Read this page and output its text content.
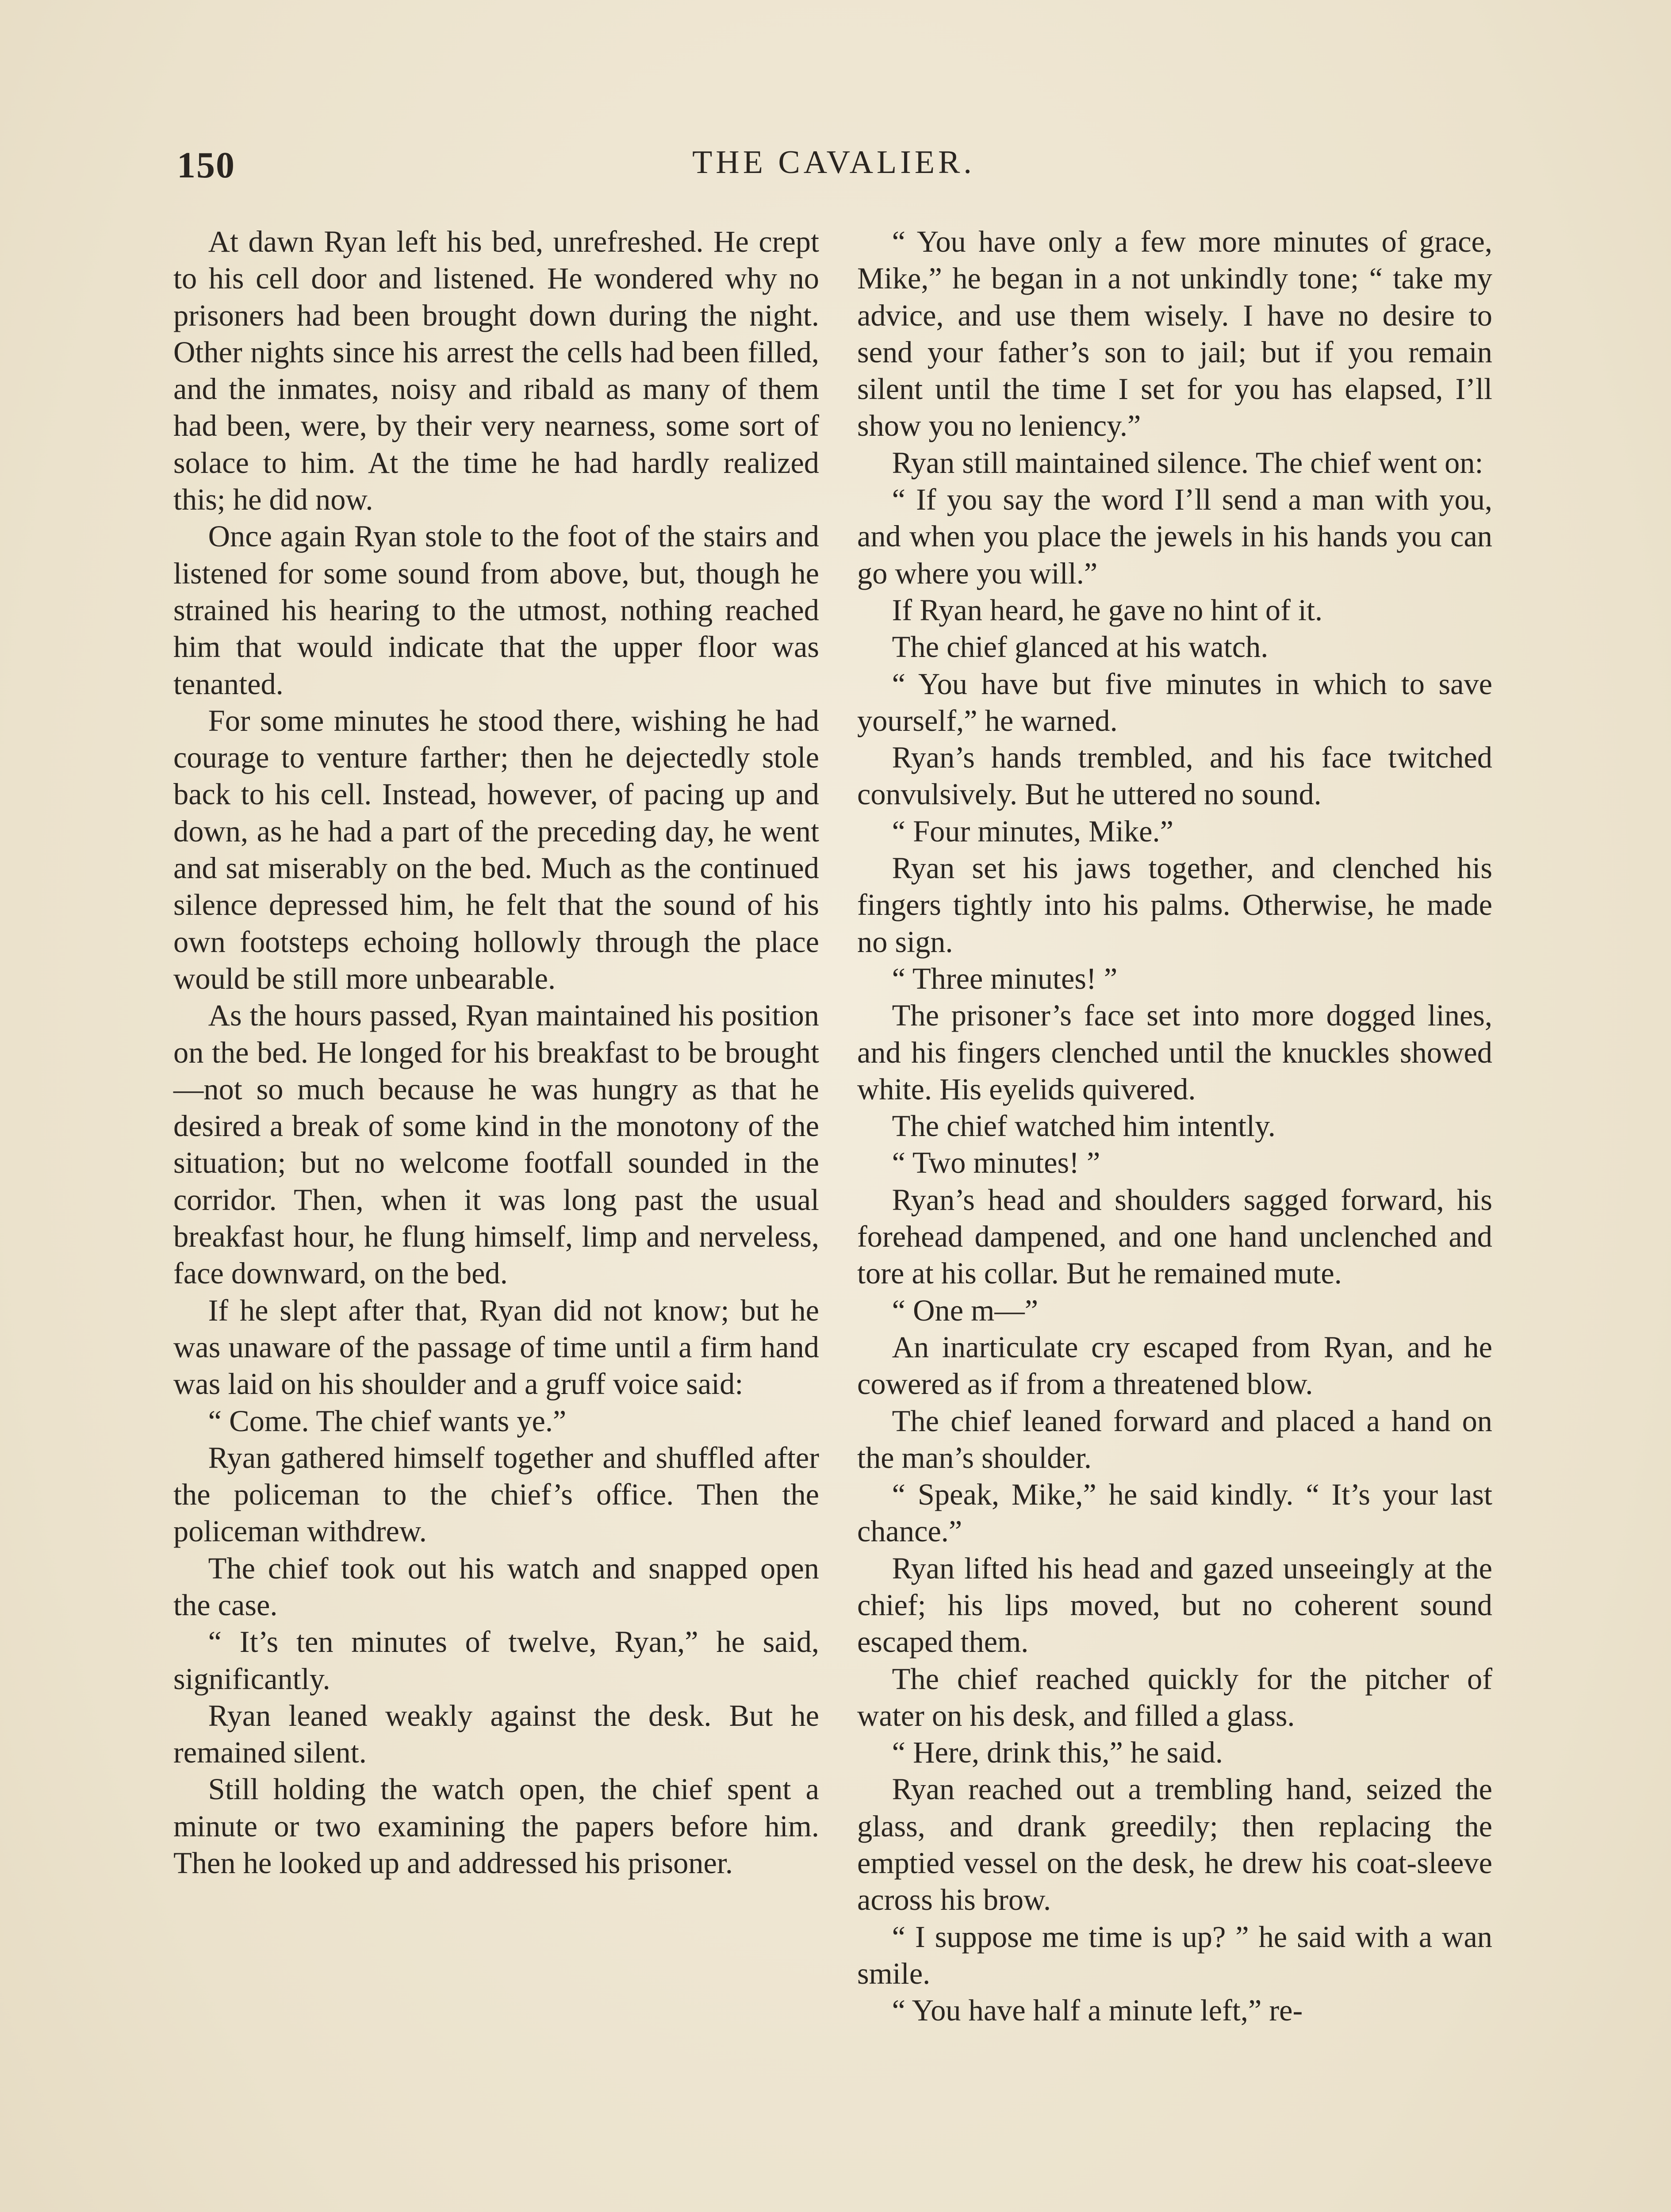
150	THE CAVALIER.

At dawn Ryan left his bed, unrefreshed. He crept to his cell door and listened. He wondered why no prisoners had been brought down during the night. Other nights since his arrest the cells had been filled, and the inmates, noisy and ribald as many of them had been, were, by their very nearness, some sort of solace to him. At the time he had hardly realized this; he did now.

Once again Ryan stole to the foot of the stairs and listened for some sound from above, but, though he strained his hearing to the utmost, nothing reached him that would indicate that the upper floor was tenanted.

For some minutes he stood there, wishing he had courage to venture farther; then he dejectedly stole back to his cell. Instead, however, of pacing up and down, as he had a part of the preceding day, he went and sat miserably on the bed. Much as the continued silence depressed him, he felt that the sound of his own footsteps echoing hollowly through the place would be still more unbearable.

As the hours passed, Ryan maintained his position on the bed. He longed for his breakfast to be brought —not so much because he was hungry as that he desired a break of some kind in the monotony of the situation; but no welcome footfall sounded in the corridor. Then, when it was long past the usual breakfast hour, he flung himself, limp and nerveless, face downward, on the bed.

If he slept after that, Ryan did not know; but he was unaware of the passage of time until a firm hand was laid on his shoulder and a gruff voice said:

“ Come. The chief wants ye.”

Ryan gathered himself together and shuffled after the policeman to the chief’s office. Then the policeman withdrew.

The chief took out his watch and snapped open the case.

“ It’s ten minutes of twelve, Ryan,” he said, significantly.

Ryan leaned weakly against the desk. But he remained silent.

Still holding the watch open, the chief spent a minute or two examining the papers before him. Then he looked up and addressed his prisoner.

“ You have only a few more minutes of grace, Mike,” he began in a not unkindly tone; “ take my advice, and use them wisely. I have no desire to send your father’s son to jail; but if you remain silent until the time I set for you has elapsed, I’ll show you no leniency.”

Ryan still maintained silence. The chief went on:

“ If you say the word I’ll send a man with you, and when you place the jewels in his hands you can go where you will.”

If Ryan heard, he gave no hint of it.

The chief glanced at his watch.

“ You have but five minutes in which to save yourself,” he warned.

Ryan’s hands trembled, and his face twitched convulsively. But he uttered no sound.

“ Four minutes, Mike.”

Ryan set his jaws together, and clenched his fingers tightly into his palms. Otherwise, he made no sign.

“ Three minutes! ”

The prisoner’s face set into more dogged lines, and his fingers clenched until the knuckles showed white. His eyelids quivered.

The chief watched him intently.

“ Two minutes! ”

Ryan’s head and shoulders sagged forward, his forehead dampened, and one hand unclenched and tore at his collar. But he remained mute.

“ One m—”

An inarticulate cry escaped from Ryan, and he cowered as if from a threatened blow.

The chief leaned forward and placed a hand on the man’s shoulder.

“ Speak, Mike,” he said kindly. “ It’s your last chance.”

Ryan lifted his head and gazed unseeingly at the chief; his lips moved, but no coherent sound escaped them.

The chief reached quickly for the pitcher of water on his desk, and filled a glass.

“ Here, drink this,” he said.

Ryan reached out a trembling hand, seized the glass, and drank greedily; then replacing the emptied vessel on the desk, he drew his coat-sleeve across his brow.

“ I suppose me time is up? ” he said with a wan smile.

“ You have half a minute left,” re-
